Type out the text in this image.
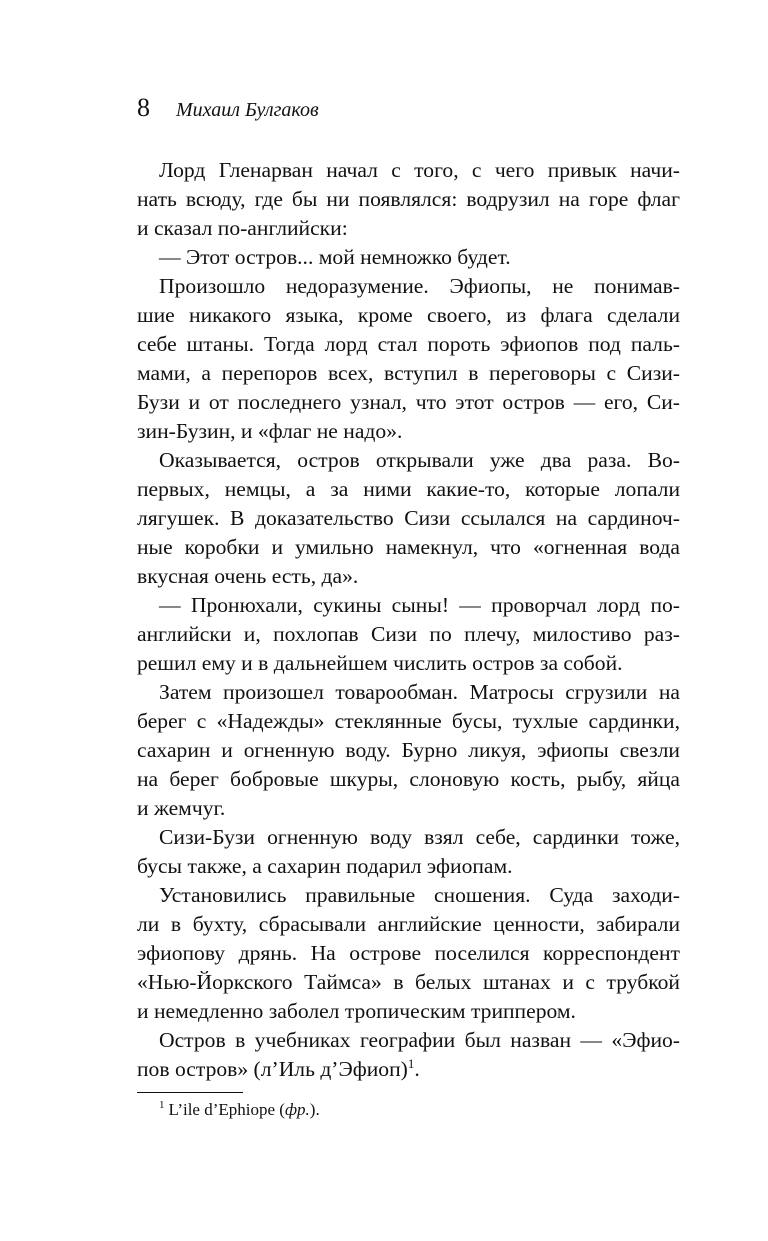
8 Михаил Булгаков
Лорд Гленарван начал с того, с чего привык начи-
нать всюду, где бы ни появлялся: водрузил на горе флаг
и сказал по-английски:
— Этот остров... мой немножко будет.
Произошло недоразумение. Эфиопы, не понимав-
шие никакого языка, кроме своего, из флага сделали
себе штаны. Тогда лорд стал пороть эфиопов под паль-
мами, а перепоров всех, вступил в переговоры с Сизи-
Бузи и от последнего узнал, что этот остров — его, Си-
зин-Бузин, и «флаг не надо».
Оказывается, остров открывали уже два раза. Во-
первых, немцы, а за ними какие-то, которые лопали
лягушек. В доказательство Сизи ссылался на сардиноч-
ные коробки и умильно намекнул, что «огненная вода
вкусная очень есть, да».
— Пронюхали, сукины сыны! — проворчал лорд по-
английски и, похлопав Сизи по плечу, милостиво раз-
решил ему и в дальнейшем числить остров за собой.
Затем произошел товарообман. Матросы сгрузили на
берег с «Надежды» стеклянные бусы, тухлые сардинки,
сахарин и огненную воду. Бурно ликуя, эфиопы свезли
на берег бобровые шкуры, слоновую кость, рыбу, яйца
и жемчуг.
Сизи-Бузи огненную воду взял себе, сардинки тоже,
бусы также, а сахарин подарил эфиопам.
Установились правильные сношения. Суда заходи-
ли в бухту, сбрасывали английские ценности, забирали
эфиопову дрянь. На острове поселился корреспондент
«Нью-Йоркского Таймса» в белых штанах и с трубкой
и немедленно заболел тропическим триппером.
Остров в учебниках географии был назван — «Эфио-
пов остров» (л’Иль д’Эфиоп)$^1$.
$^1$ L’ile d’Ephiope (фр.).
